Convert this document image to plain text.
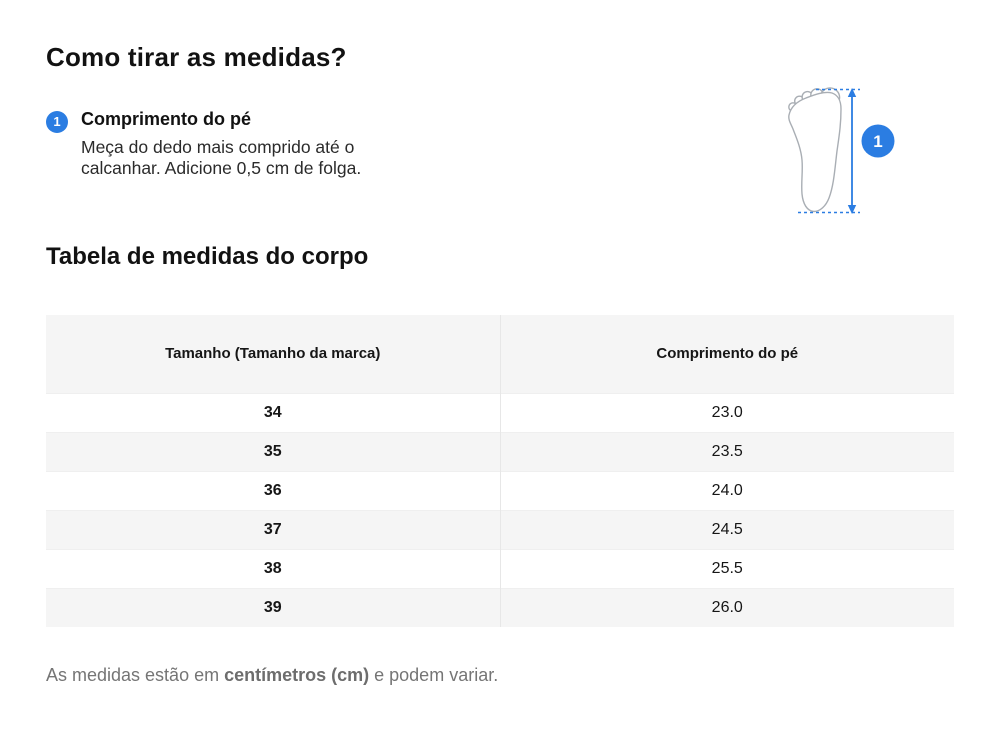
Como tirar as medidas?
1	Comprimento do pé
Meça do dedo mais comprido até o calcanhar. Adicione 0,5 cm de folga.
1
Tabela de medidas do corpo
Tamanho (Tamanho da marca)	Comprimento do pé
34	23.0
35	23.5
36	24.0
37	24.5
38	25.5
39	26.0

As medidas estão em centímetros (cm) e podem variar.
